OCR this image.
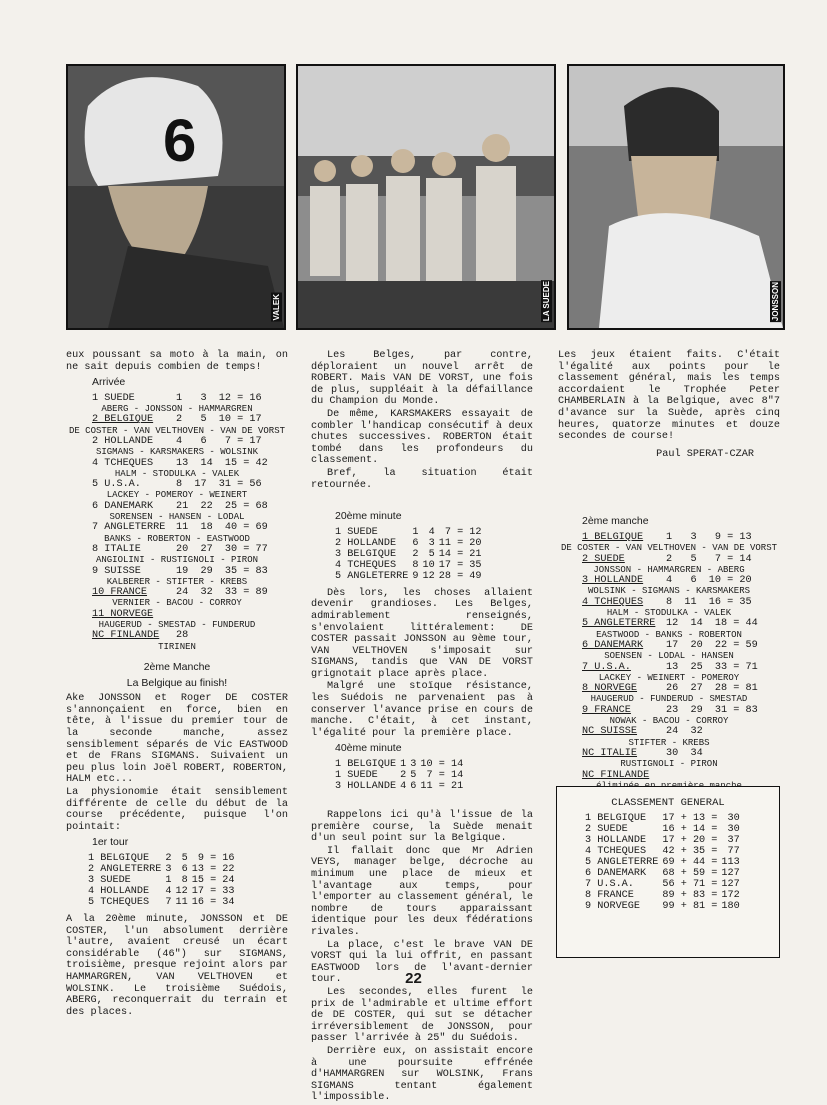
6
VALEK	LA SUEDE	JONSSON

eux poussant sa moto à la main, on ne sait depuis combien de temps!

Arrivée
1 SUEDE	1   3  12 = 16
ABERG - JONSSON - HAMMARGREN
2 BELGIQUE 2   5  10 = 17
DE COSTER - VAN VELTHOVEN - VAN DE VORST
2 HOLLANDE 4   6   7 = 17
SIGMANS - KARSMAKERS - WOLSINK
4 TCHEQUES 13  14  15 = 42
HALM - STODULKA - VALEK
5 U.S.A.	8  17  31 = 56
LACKEY - POMEROY - WEINERT
6 DANEMARK 21  22  25 = 68
SORENSEN - HANSEN - LODAL
7 ANGLETERRE 11  18  40 = 69
BANKS - ROBERTON - EASTWOOD
8 ITALIE	20  27  30 = 77
ANGIOLINI - RUSTIGNOLI - PIRON
9 SUISSE	19  29  35 = 83
KALBERER - STIFTER - KREBS
10 FRANCE	24  32  33 = 89
VERNIER - BACOU - CORROY
11 NORVEGE
HAUGERUD - SMESTAD - FUNDERUD
NC FINLANDE 28
TIRINEN
2ème Manche
La Belgique au finish!

Ake JONSSON et Roger DE COSTER s'annonçaient en force, bien en tête, à l'issue du premier tour de la seconde manche, assez sensiblement séparés de Vic EASTWOOD et de FRans SIGMANS. Suivaient un peu plus loin Joël ROBERT, ROBERTON, HALM etc...

La physionomie était sensiblement différente de celle du début de la course précédente, puisque l'on pointait:

1er tour
1 BELGIQUE	2	5	9 = 16
2 ANGLETERRE	3	6	13 = 22
3 SUEDE	1	8	15 = 24
4 HOLLANDE	4	12	17 = 33
5 TCHEQUES	7	11	16 = 34

A la 20ème minute, JONSSON et DE COSTER, l'un absolument derrière l'autre, avaient creusé un écart considérable (46") sur SIGMANS, troisième, presque rejoint alors par HAMMARGREN, VAN VELTHOVEN et WOLSINK. Le troisième Suédois, ABERG, reconquerrait du terrain et des places.

Les Belges, par contre, déploraient un nouvel arrêt de ROBERT. Mais VAN DE VORST, une fois de plus, suppléait à la défaillance du Champion du Monde.

De même, KARSMAKERS essayait de combler l'handicap consécutif à deux chutes successives. ROBERTON était tombé dans les profondeurs du classement.

Bref, la situation était retournée.

20ème minute
1 SUEDE	1	4	7 = 12
2 HOLLANDE	6	3	11 = 20
3 BELGIQUE	2	5	14 = 21
4 TCHEQUES	8	10	17 = 35
5 ANGLETERRE	9	12	28 = 49

Dès lors, les choses allaient devenir grandioses. Les Belges, admirablement renseignés, s'envolaient littéralement: DE COSTER passait JONSSON au 9ème tour, VAN VELTHOVEN s'imposait sur SIGMANS, tandis que VAN DE VORST grignotait place après place.

Malgré une stoïque résistance, les Suédois ne parvenaient pas à conserver l'avance prise en cours de manche. C'était, à cet instant, l'égalité pour la première place.

40ème minute
1 BELGIQUE	1	3	10 = 14
1 SUEDE	2	5	7 = 14
3 HOLLANDE	4	6	11 = 21

Rappelons ici qu'à l'issue de la première course, la Suède menait d'un seul point sur la Belgique.

Il fallait donc que Mr Adrien VEYS, manager belge, décroche au minimum une place de mieux et l'avantage aux temps, pour l'emporter au classement général, le nombre de tours apparaissant identique pour les deux fédérations rivales.

La place, c'est le brave VAN DE VORST qui la lui offrit, en passant EASTWOOD lors de l'avant-dernier tour.

Les secondes, elles furent le prix de l'admirable et ultime effort de DE COSTER, qui sut se détacher irréversiblement de JONSSON, pour passer l'arrivée à 25" du Suédois.

Derrière eux, on assistait encore à une poursuite effrénée d'HAMMARGREN sur WOLSINK, Frans SIGMANS tentant également l'impossible.

Les jeux étaient faits. C'était l'égalité aux points pour le classement général, mais les temps accordaient le Trophée Peter CHAMBERLAIN à la Belgique, avec 8"7 d'avance sur la Suède, après cinq heures, quatorze minutes et douze secondes de course!

Paul SPERAT-CZAR
2ème manche
1 BELGIQUE 1   3   9 = 13
DE COSTER - VAN VELTHOVEN - VAN DE VORST
2 SUEDE	2   5   7 = 14
JONSSON - HAMMARGREN - ABERG
3 HOLLANDE 4   6  10 = 20
WOLSINK - SIGMANS - KARSMAKERS
4 TCHEQUES 8  11  16 = 35
HALM - STODULKA - VALEK
5 ANGLETERRE 12  14  18 = 44
EASTWOOD - BANKS - ROBERTON
6 DANEMARK 17  20  22 = 59
SOENSEN - LODAL - HANSEN
7 U.S.A.	13  25  33 = 71
LACKEY - WEINERT - POMEROY
8 NORVEGE	26  27  28 = 81
HAUGERUD - FUNDERUD - SMESTAD
9 FRANCE	23  29  31 = 83
NOWAK - BACOU - CORROY
NC SUISSE	24  32
STIFTER - KREBS
NC ITALIE	30  34
RUSTIGNOLI - PIRON
NC FINLANDE
CLASSEMENT GENERAL
1 BELGIQUE	17 + 13 =	30
2 SUEDE	16 + 14 =	30
3 HOLLANDE	17 + 20 =	37
4 TCHEQUES	42 + 35 =	77
5 ANGLETERRE	69 + 44 =	113
6 DANEMARK	68 + 59 =	127
7 U.S.A.	56 + 71 =	127
8 FRANCE	89 + 83 =	172
9 NORVEGE	99 + 81 =	180
22
